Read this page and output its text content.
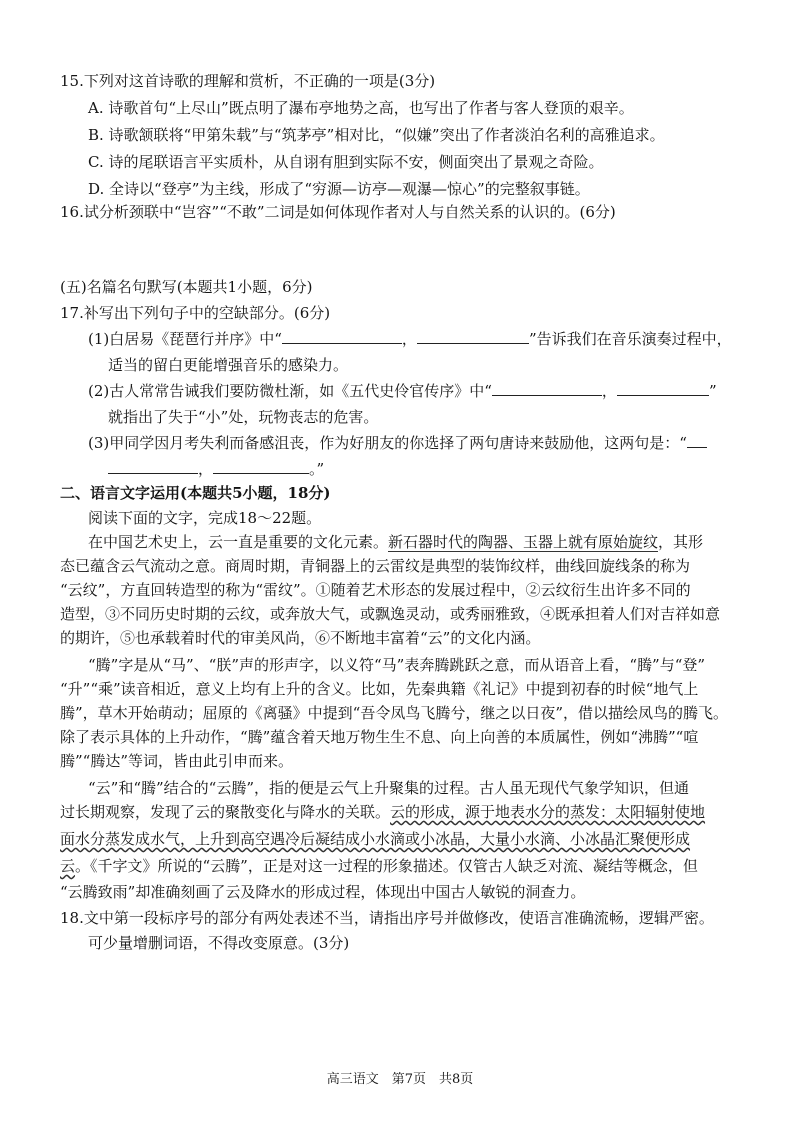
15.下列对这首诗歌的理解和赏析，不正确的一项是(3分)
A. 诗歌首句“上尽山”既点明了瀑布亭地势之高，也写出了作者与客人登顶的艰辛。
B. 诗歌颔联将“甲第朱载”与“筑茅亭”相对比，“似嫌”突出了作者淡泊名利的高雅追求。
C. 诗的尾联语言平实质朴，从自诩有胆到实际不安，侧面突出了景观之奇险。
D. 全诗以“登亭”为主线，形成了“穷源—访亭—观瀑—惊心”的完整叙事链。
16.试分析颈联中“岂容”“不敢”二词是如何体现作者对人与自然关系的认识的。(6分)
(五)名篇名句默写(本题共1小题，6分)
17.补写出下列句子中的空缺部分。(6分)
(1)白居易《琵琶行并序》中“	，	”告诉我们在音乐演奏过程中，
适当的留白更能增强音乐的感染力。
(2)古人常常告诫我们要防微杜渐，如《五代史伶官传序》中“	，	”
就指出了失于“小”处，玩物丧志的危害。
(3)甲同学因月考失利而备感沮丧，作为好朋友的你选择了两句唐诗来鼓励他，这两句是：“
，	。”
二、语言文字运用(本题共5小题，18分)
阅读下面的文字，完成18～22题。
在中国艺术史上，云一直是重要的文化元素。新石器时代的陶器、玉器上就有原始旋纹，其形
态已蕴含云气流动之意。商周时期，青铜器上的云雷纹是典型的装饰纹样，曲线回旋线条的称为
“云纹”，方直回转造型的称为“雷纹”。①随着艺术形态的发展过程中，②云纹衍生出许多不同的
造型，③不同历史时期的云纹，或奔放大气，或飘逸灵动，或秀丽雅致，④既承担着人们对吉祥如意
的期许，⑤也承载着时代的审美风尚，⑥不断地丰富着“云”的文化内涵。
“腾”字是从“马”、“朕”声的形声字，以义符“马”表奔腾跳跃之意，而从语音上看，“腾”与“登”
“升”“乘”读音相近，意义上均有上升的含义。比如，先秦典籍《礼记》中提到初春的时候“地气上
腾”，草木开始萌动；屈原的《离骚》中提到“吾令凤鸟飞腾兮，继之以日夜”，借以描绘凤鸟的腾飞。
除了表示具体的上升动作，“腾”蕴含着天地万物生生不息、向上向善的本质属性，例如“沸腾”“喧
腾”“腾达”等词，皆由此引申而来。
“云”和“腾”结合的“云腾”，指的便是云气上升聚集的过程。古人虽无现代气象学知识，但通
过长期观察，发现了云的聚散变化与降水的关联。云的形成，源于地表水分的蒸发：太阳辐射使地
面水分蒸发成水气，上升到高空遇冷后凝结成小水滴或小冰晶，大量小水滴、小冰晶汇聚便形成
云。《千字文》所说的“云腾”，正是对这一过程的形象描述。仅管古人缺乏对流、凝结等概念，但
“云腾致雨”却准确刻画了云及降水的形成过程，体现出中国古人敏锐的洞查力。
18.文中第一段标序号的部分有两处表述不当，请指出序号并做修改，使语言准确流畅，逻辑严密。
可少量增删词语，不得改变原意。(3分)
高三语文　第7页　共8页
